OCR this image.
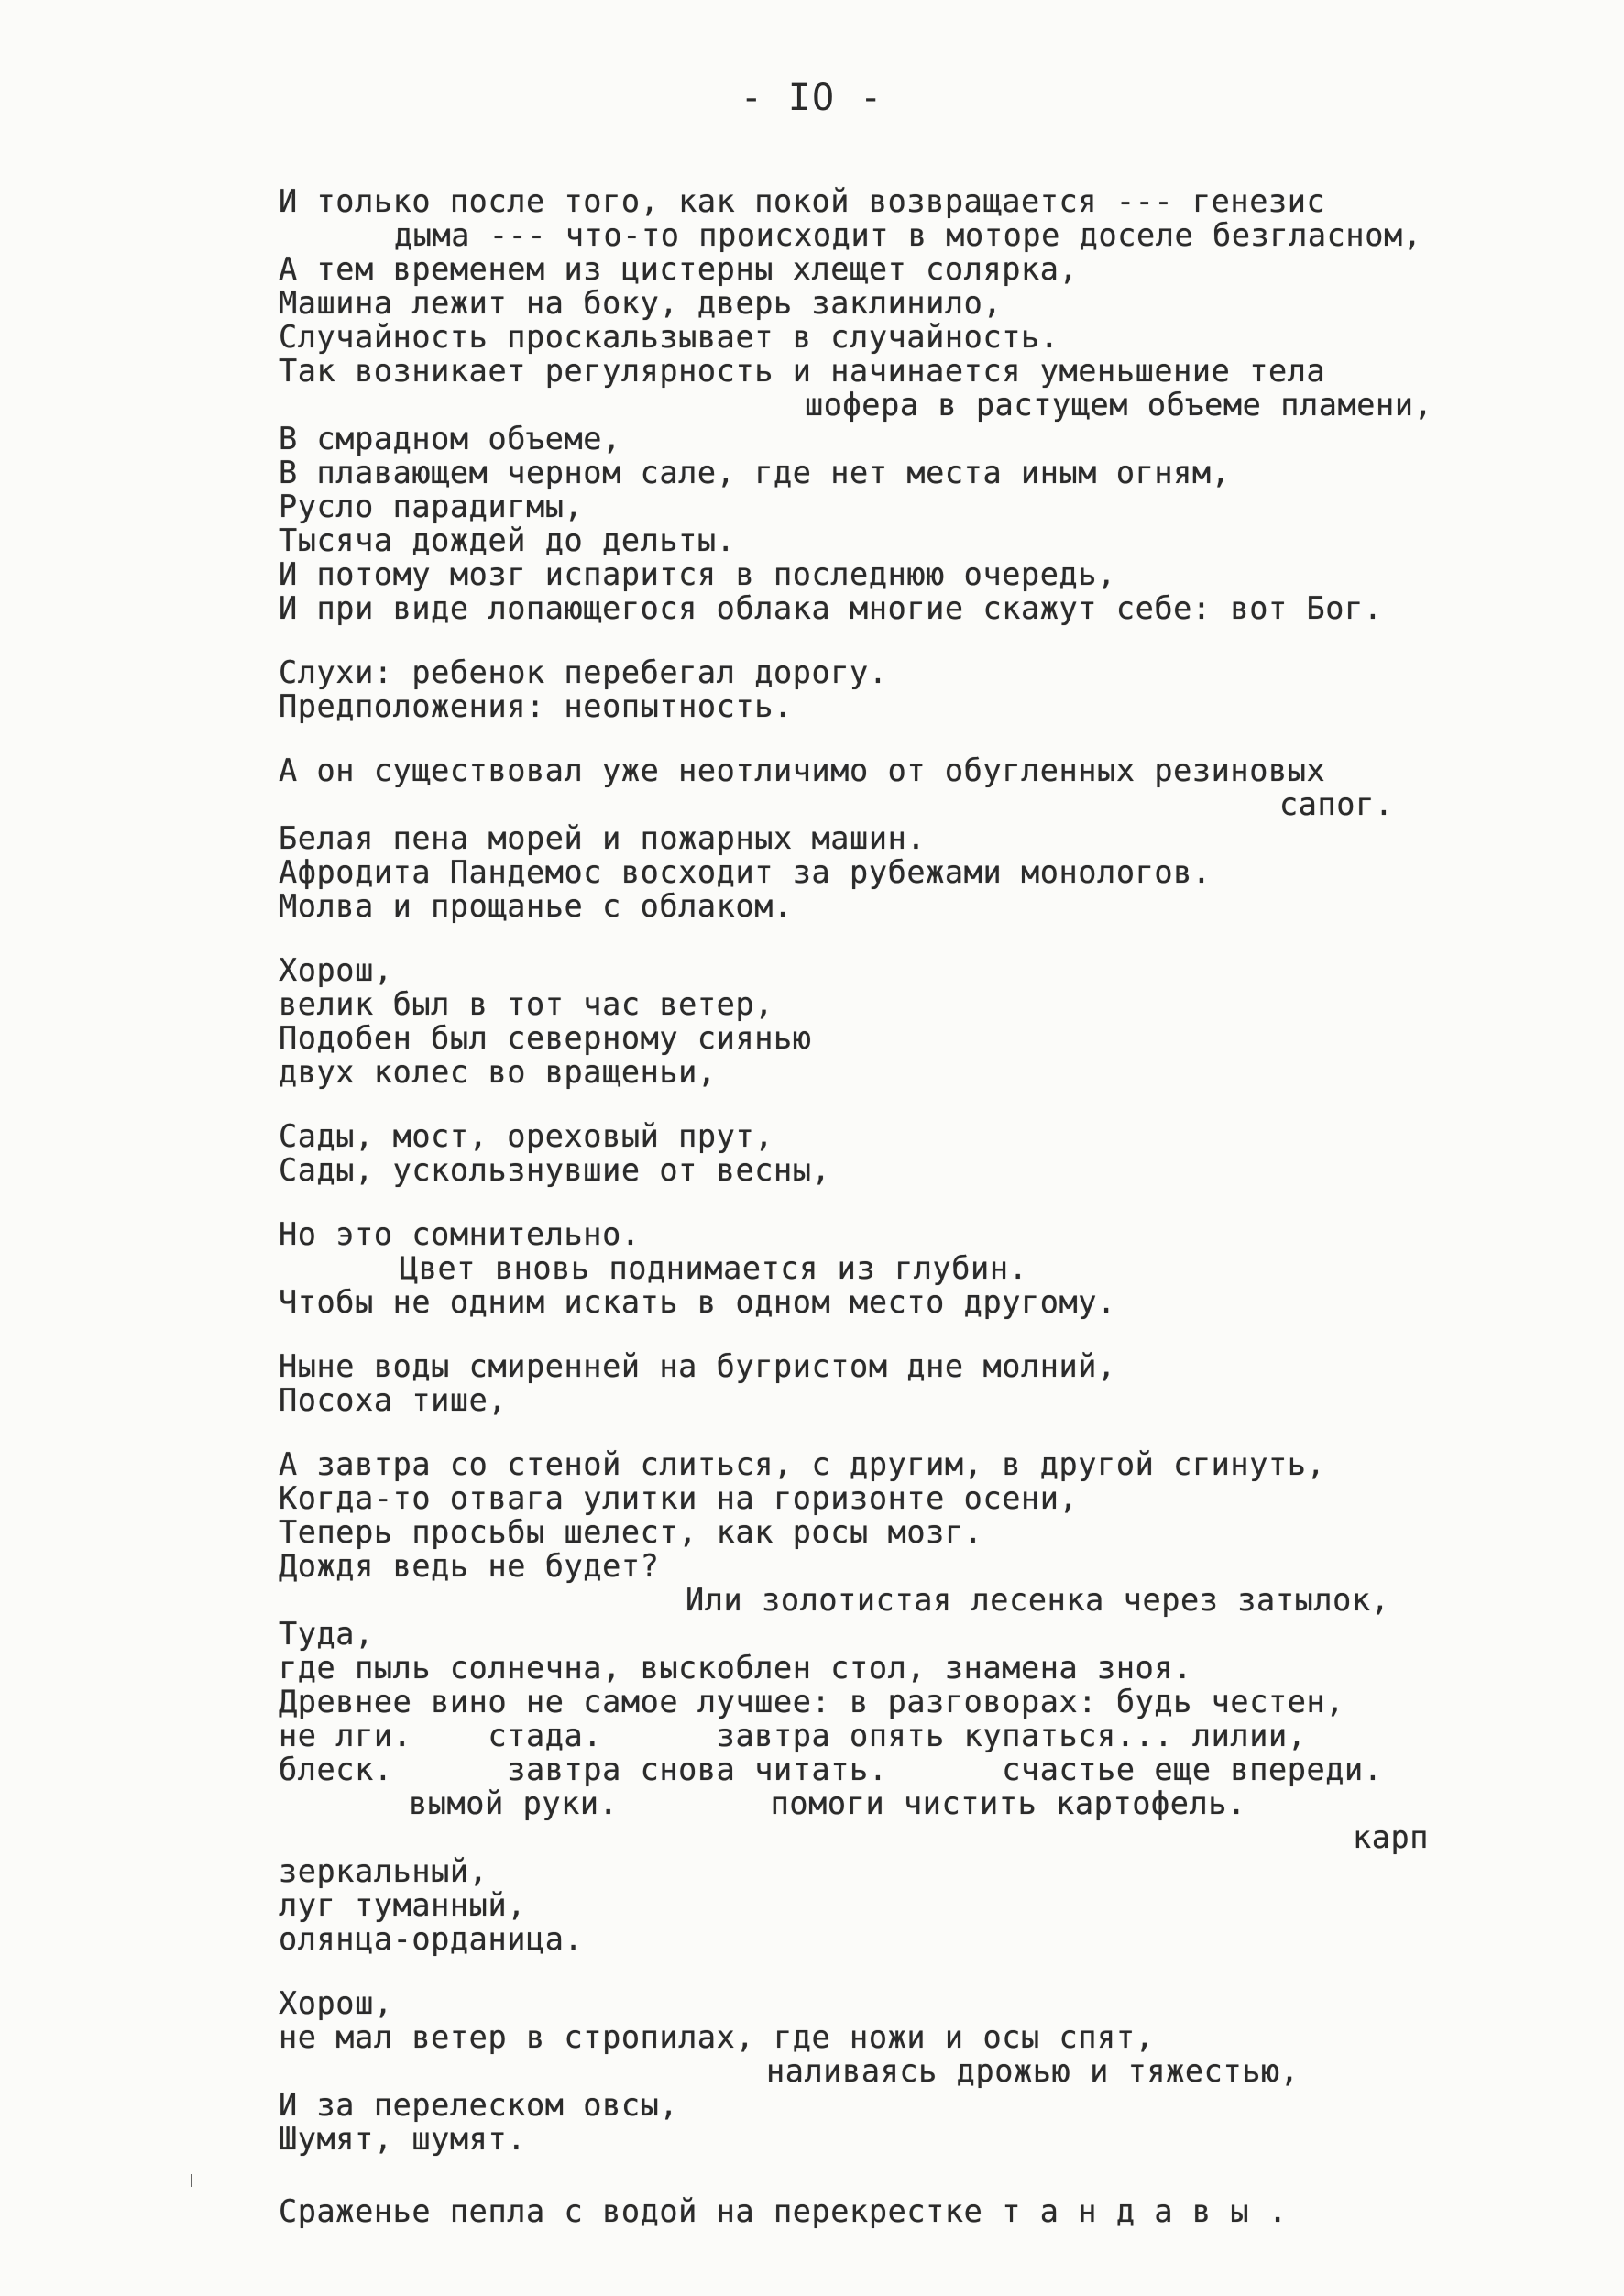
- IO -
И только после того, как покой возвращается --- генезис
дыма --- что-то происходит в моторе доселе безгласном,
А тем временем из цистерны хлещет солярка,
Машина лежит на боку, дверь заклинило,
Случайность проскальзывает в случайность.
Так возникает регулярность и начинается уменьшение тела
шофера в растущем объеме пламени,
В смрадном объеме,
В плавающем черном сале, где нет места иным огням,
Русло парадигмы,
Тысяча дождей до дельты.
И потому мозг испарится в последнюю очередь,
И при виде лопающегося облака многие скажут себе: вот Бог.
Слухи: ребенок перебегал дорогу.
Предположения: неопытность.
А он существовал уже неотличимо от обугленных резиновых
сапог.
Белая пена морей и пожарных машин.
Афродита Пандемос восходит за рубежами монологов.
Молва и прощанье с облаком.
Хорош,
велик был в тот час ветер,
Подобен был северному сиянью
двух колес во вращеньи,
Сады, мост, ореховый прут,
Сады, ускользнувшие от весны,
Но это сомнительно.
Цвет вновь поднимается из глубин.
Чтобы не одним искать в одном место другому.
Ныне воды смиренней на бугристом дне молний,
Посоха тише,
А завтра со стеной слиться, с другим, в другой сгинуть,
Когда-то отвага улитки на горизонте осени,
Теперь просьбы шелест, как росы мозг.
Дождя ведь не будет?
Или золотистая лесенка через затылок,
Туда,
где пыль солнечна, выскоблен стол, знамена зноя.
Древнее вино не самое лучшее: в разговорах: будь честен,
не лги.    стада.      завтра опять купаться... лилии,
блеск.      завтра снова читать.      счастье еще впереди.
вымой руки.        помоги чистить картофель.
карп
зеркальный,
луг туманный,
олянца-орданица.
Хорош,
не мал ветер в стропилах, где ножи и осы спят,
наливаясь дрожью и тяжестью,
И за перелеском овсы,
Шумят, шумят.
Сраженье пепла с водой на перекрестке т а н д а в ы .
